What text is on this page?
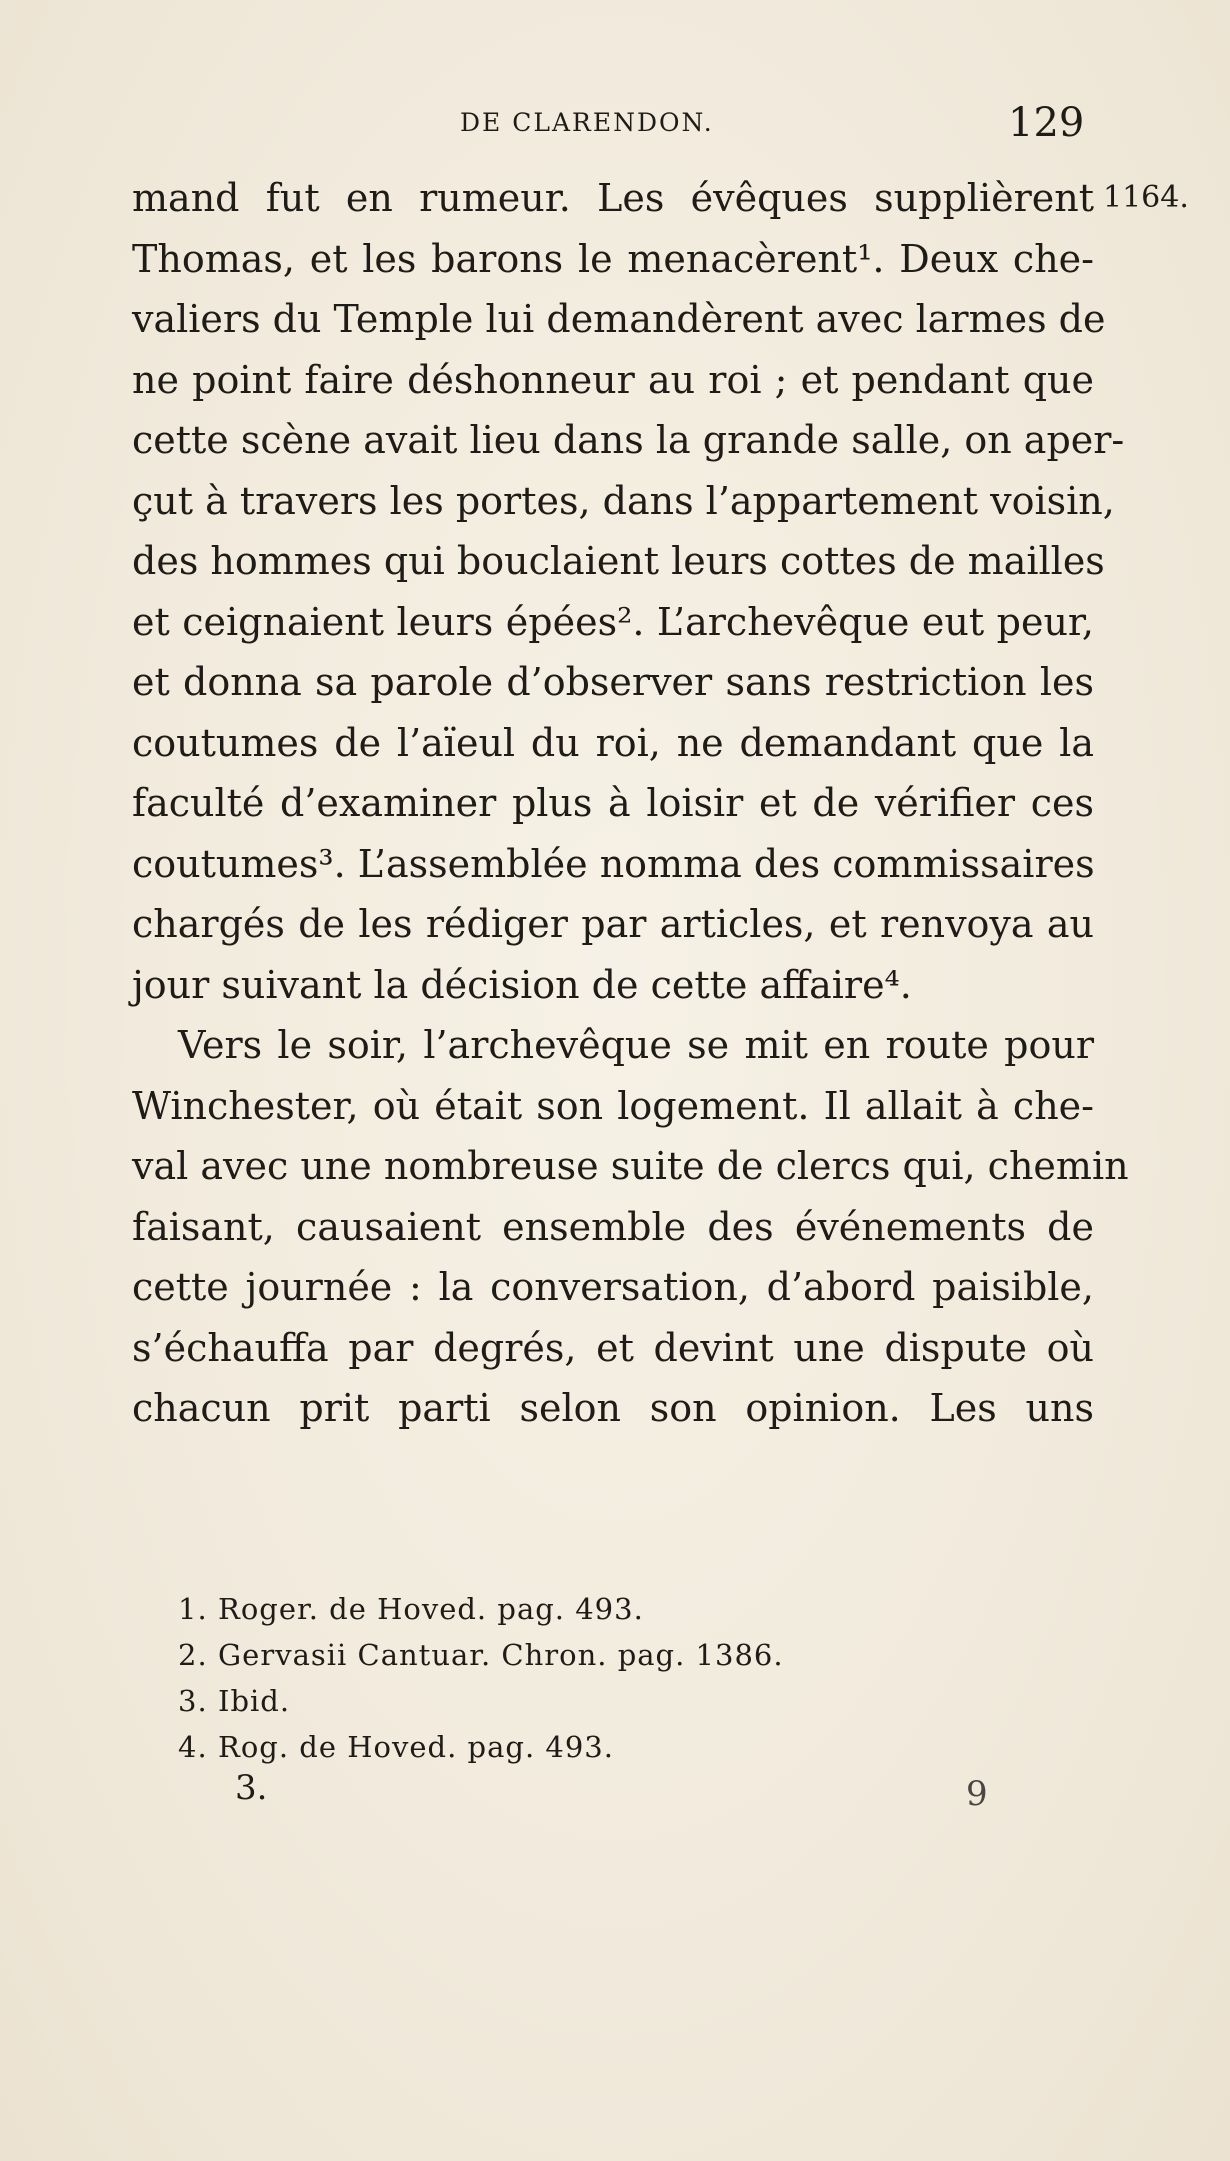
DE CLARENDON.	129
1164.
mand fut en rumeur. Les évêques supplièrent
Thomas, et les barons le menacèrent¹. Deux che-
valiers du Temple lui demandèrent avec larmes de
ne point faire déshonneur au roi ; et pendant que
cette scène avait lieu dans la grande salle, on aper-
çut à travers les portes, dans l’appartement voisin,
des hommes qui bouclaient leurs cottes de mailles
et ceignaient leurs épées². L’archevêque eut peur,
et donna sa parole d’observer sans restriction les
coutumes de l’aïeul du roi, ne demandant que la
faculté d’examiner plus à loisir et de vérifier ces
coutumes³. L’assemblée nomma des commissaires
chargés de les rédiger par articles, et renvoya au
jour suivant la décision de cette affaire⁴.
Vers le soir, l’archevêque se mit en route pour
Winchester, où était son logement. Il allait à che-
val avec une nombreuse suite de clercs qui, chemin
faisant, causaient ensemble des événements de
cette journée : la conversation, d’abord paisible,
s’échauffa par degrés, et devint une dispute où
chacun prit parti selon son opinion. Les uns
1. Roger. de Hoved. pag. 493.
2. Gervasii Cantuar. Chron. pag. 1386.
3. Ibid.
4. Rog. de Hoved. pag. 493.
3.	9
